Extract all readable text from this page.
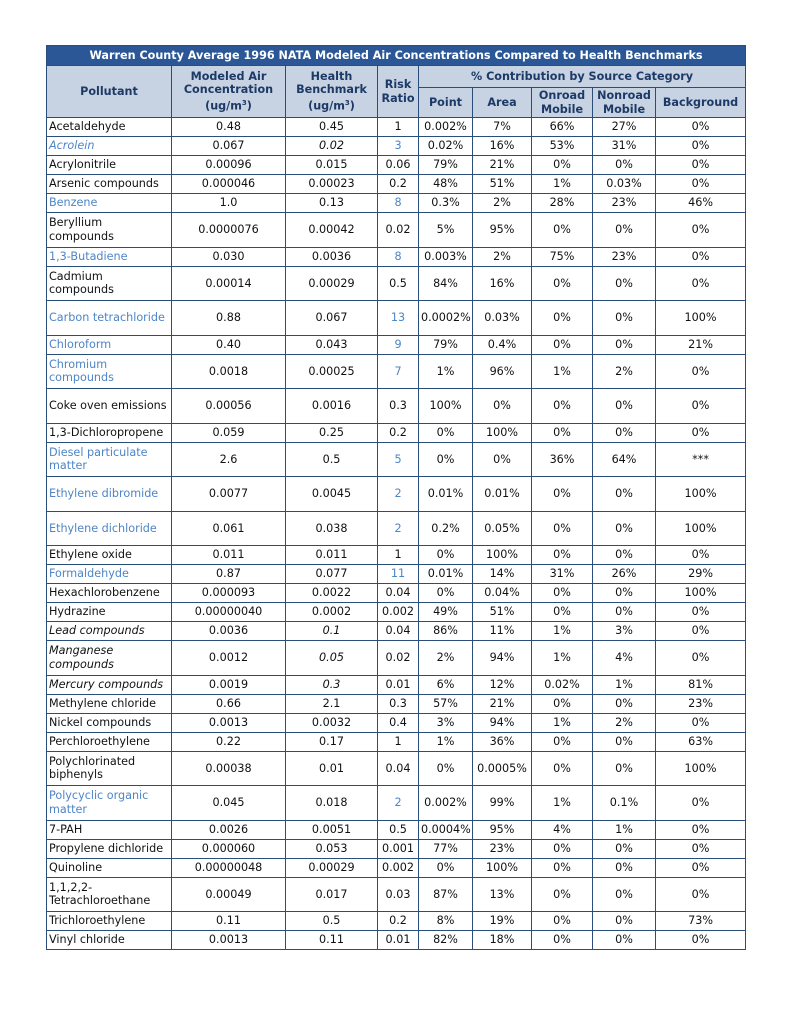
Warren County Average 1996 NATA Modeled Air Concentrations Compared to Health Benchmarks								
Pollutant	Modeled Air Concentration $(ug/m^3)$	Health Benchmark $(ug/m^3)$	Risk Ratio	% Contribution by Source Category				
				Point	Area	Onroad Mobile	Nonroad Mobile	Background
Acetaldehyde	0.48	0.45	1	0.002%	7%	66%	27%	0%
Acrolein	0.067	0.02	3	0.02%	16%	53%	31%	0%
Acrylonitrile	0.00096	0.015	0.06	79%	21%	0%	0%	0%
Arsenic compounds	0.000046	0.00023	0.2	48%	51%	1%	0.03%	0%
Benzene	1.0	0.13	8	0.3%	2%	28%	23%	46%
Beryllium compounds	0.0000076	0.00042	0.02	5%	95%	0%	0%	0%
1,3-Butadiene	0.030	0.0036	8	0.003%	2%	75%	23%	0%
Cadmium compounds	0.00014	0.00029	0.5	84%	16%	0%	0%	0%
Carbon tetrachloride	0.88	0.067	13	0.0002%	0.03%	0%	0%	100%
Chloroform	0.40	0.043	9	79%	0.4%	0%	0%	21%
Chromium compounds	0.0018	0.00025	7	1%	96%	1%	2%	0%
Coke oven emissions	0.00056	0.0016	0.3	100%	0%	0%	0%	0%
1,3-Dichloropropene	0.059	0.25	0.2	0%	100%	0%	0%	0%
Diesel particulate matter	2.6	0.5	5	0%	0%	36%	64%	***
Ethylene dibromide	0.0077	0.0045	2	0.01%	0.01%	0%	0%	100%
Ethylene dichloride	0.061	0.038	2	0.2%	0.05%	0%	0%	100%
Ethylene oxide	0.011	0.011	1	0%	100%	0%	0%	0%
Formaldehyde	0.87	0.077	11	0.01%	14%	31%	26%	29%
Hexachlorobenzene	0.000093	0.0022	0.04	0%	0.04%	0%	0%	100%
Hydrazine	0.00000040	0.0002	0.002	49%	51%	0%	0%	0%
Lead compounds	0.0036	0.1	0.04	86%	11%	1%	3%	0%
Manganese compounds	0.0012	0.05	0.02	2%	94%	1%	4%	0%
Mercury compounds	0.0019	0.3	0.01	6%	12%	0.02%	1%	81%
Methylene chloride	0.66	2.1	0.3	57%	21%	0%	0%	23%
Nickel compounds	0.0013	0.0032	0.4	3%	94%	1%	2%	0%
Perchloroethylene	0.22	0.17	1	1%	36%	0%	0%	63%
Polychlorinated biphenyls	0.00038	0.01	0.04	0%	0.0005%	0%	0%	100%
Polycyclic organic matter	0.045	0.018	2	0.002%	99%	1%	0.1%	0%
7-PAH	0.0026	0.0051	0.5	0.0004%	95%	4%	1%	0%
Propylene dichloride	0.000060	0.053	0.001	77%	23%	0%	0%	0%
Quinoline	0.00000048	0.00029	0.002	0%	100%	0%	0%	0%
1,1,2,2-Tetrachloroethane	0.00049	0.017	0.03	87%	13%	0%	0%	0%
Trichloroethylene	0.11	0.5	0.2	8%	19%	0%	0%	73%
Vinyl chloride	0.0013	0.11	0.01	82%	18%	0%	0%	0%
